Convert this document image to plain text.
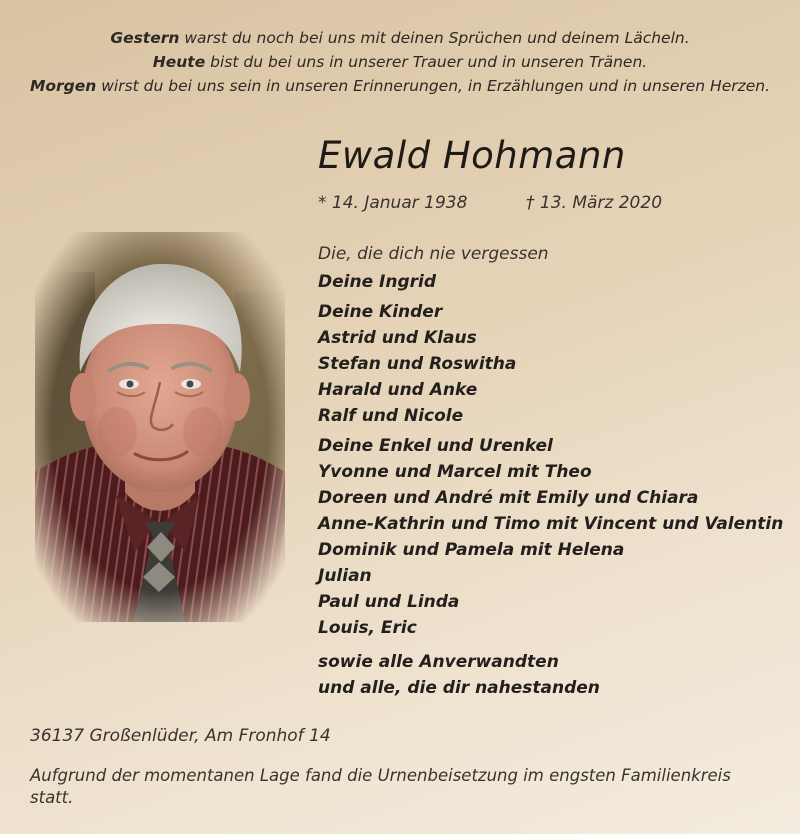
Gestern warst du noch bei uns mit deinen Sprüchen und deinem Lächeln.
Heute bist du bei uns in unserer Trauer und in unseren Tränen.
Morgen wirst du bei uns sein in unseren Erinnerungen, in Erzählungen und in unseren Herzen.
Ewald Hohmann
* 14. Januar 1938	† 13. März 2020
Die, die dich nie vergessen
Deine Ingrid
Deine Kinder
Astrid und Klaus
Stefan und Roswitha
Harald und Anke
Ralf und Nicole
Deine Enkel und Urenkel
Yvonne und Marcel mit Theo
Doreen und André mit Emily und Chiara
Anne-Kathrin und Timo mit Vincent und Valentin
Dominik und Pamela mit Helena
Julian
Paul und Linda
Louis, Eric
sowie alle Anverwandten
und alle, die dir nahestanden
36137 Großenlüder, Am Fronhof 14
Aufgrund der momentanen Lage fand die Urnenbeisetzung im engsten Familienkreis statt.
